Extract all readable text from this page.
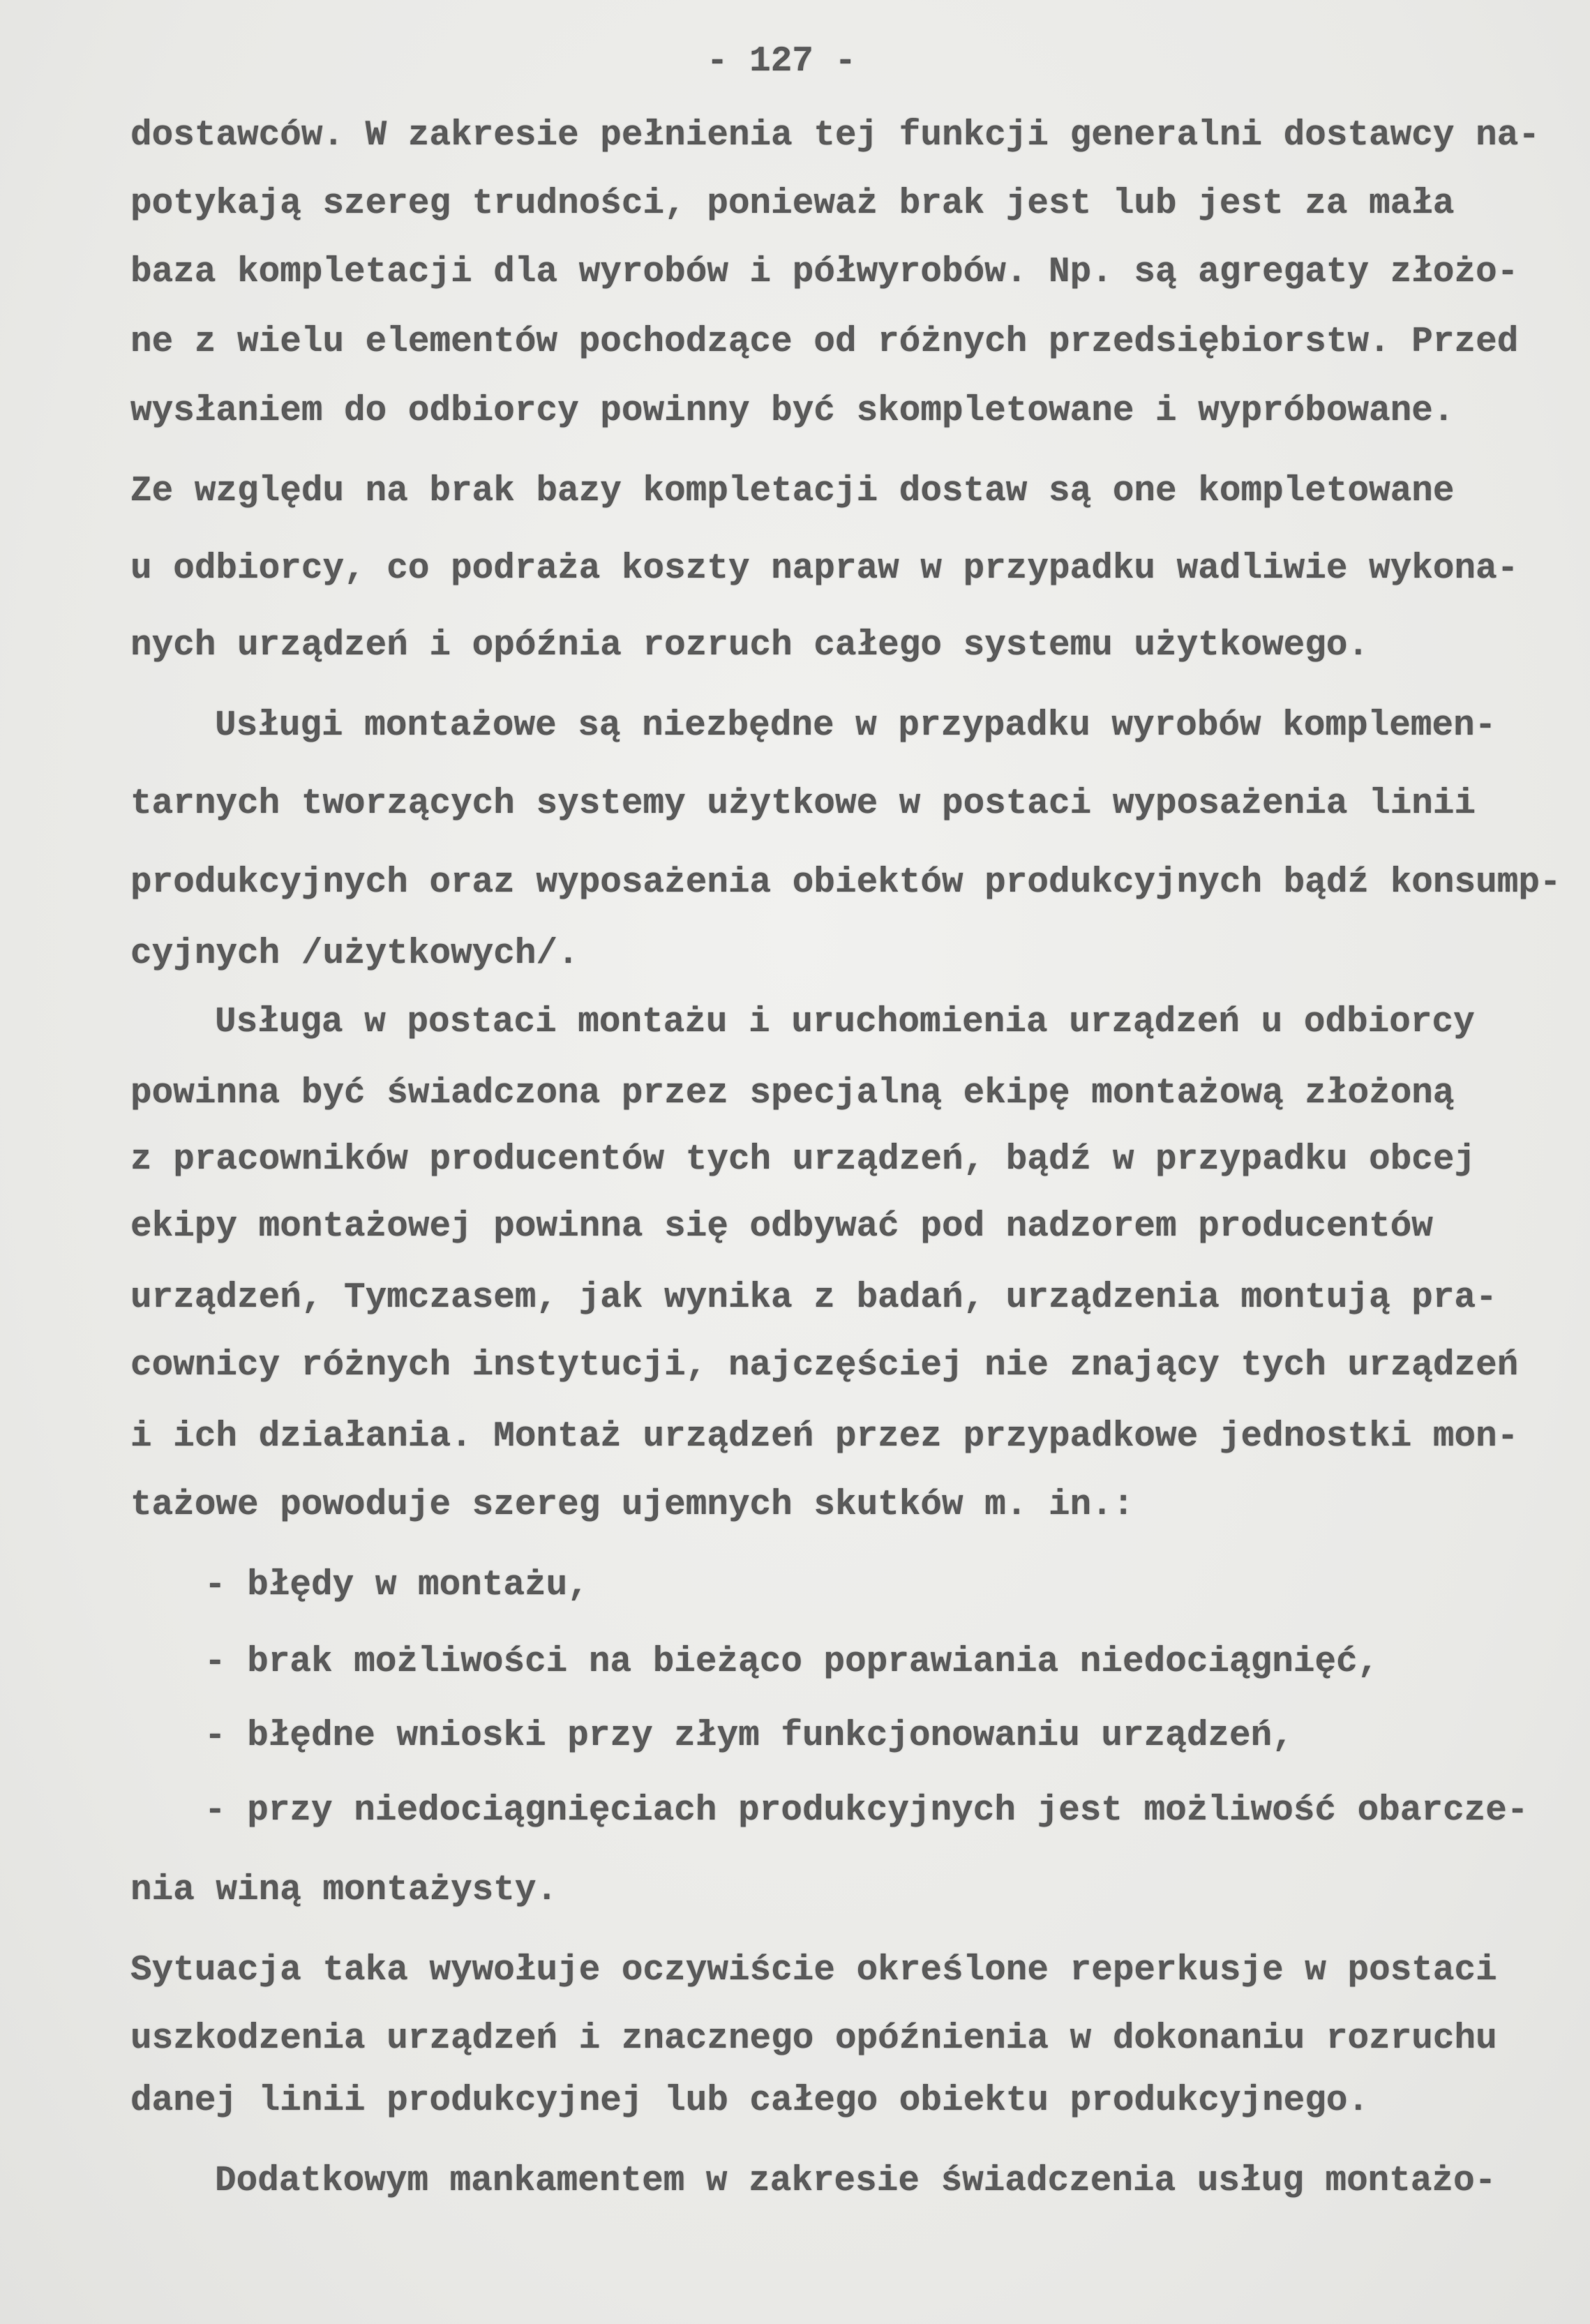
- 127 -
dostawców. W zakresie pełnienia tej funkcji generalni dostawcy na-
potykają szereg trudności, ponieważ brak jest lub jest za mała
baza kompletacji dla wyrobów i półwyrobów. Np. są agregaty złożo-
ne z wielu elementów pochodzące od różnych przedsiębiorstw. Przed
wysłaniem do odbiorcy powinny być skompletowane i wypróbowane.
Ze względu na brak bazy kompletacji dostaw są one kompletowane
u odbiorcy, co podraża koszty napraw w przypadku wadliwie wykona-
nych urządzeń i opóźnia rozruch całego systemu użytkowego.
Usługi montażowe są niezbędne w przypadku wyrobów komplemen-
tarnych tworzących systemy użytkowe w postaci wyposażenia linii
produkcyjnych oraz wyposażenia obiektów produkcyjnych bądź konsump-
cyjnych /użytkowych/.
Usługa w postaci montażu i uruchomienia urządzeń u odbiorcy
powinna być świadczona przez specjalną ekipę montażową złożoną
z pracowników producentów tych urządzeń, bądź w przypadku obcej
ekipy montażowej powinna się odbywać pod nadzorem producentów
urządzeń, Tymczasem, jak wynika z badań, urządzenia montują pra-
cownicy różnych instytucji, najczęściej nie znający tych urządzeń
i ich działania. Montaż urządzeń przez przypadkowe jednostki mon-
tażowe powoduje szereg ujemnych skutków m. in.:
- błędy w montażu,
- brak możliwości na bieżąco poprawiania niedociągnięć,
- błędne wnioski przy złym funkcjonowaniu urządzeń,
- przy niedociągnięciach produkcyjnych jest możliwość obarcze-
nia winą montażysty.
Sytuacja taka wywołuje oczywiście określone reperkusje w postaci
uszkodzenia urządzeń i znacznego opóźnienia w dokonaniu rozruchu
danej linii produkcyjnej lub całego obiektu produkcyjnego.
Dodatkowym mankamentem w zakresie świadczenia usług montażo-
